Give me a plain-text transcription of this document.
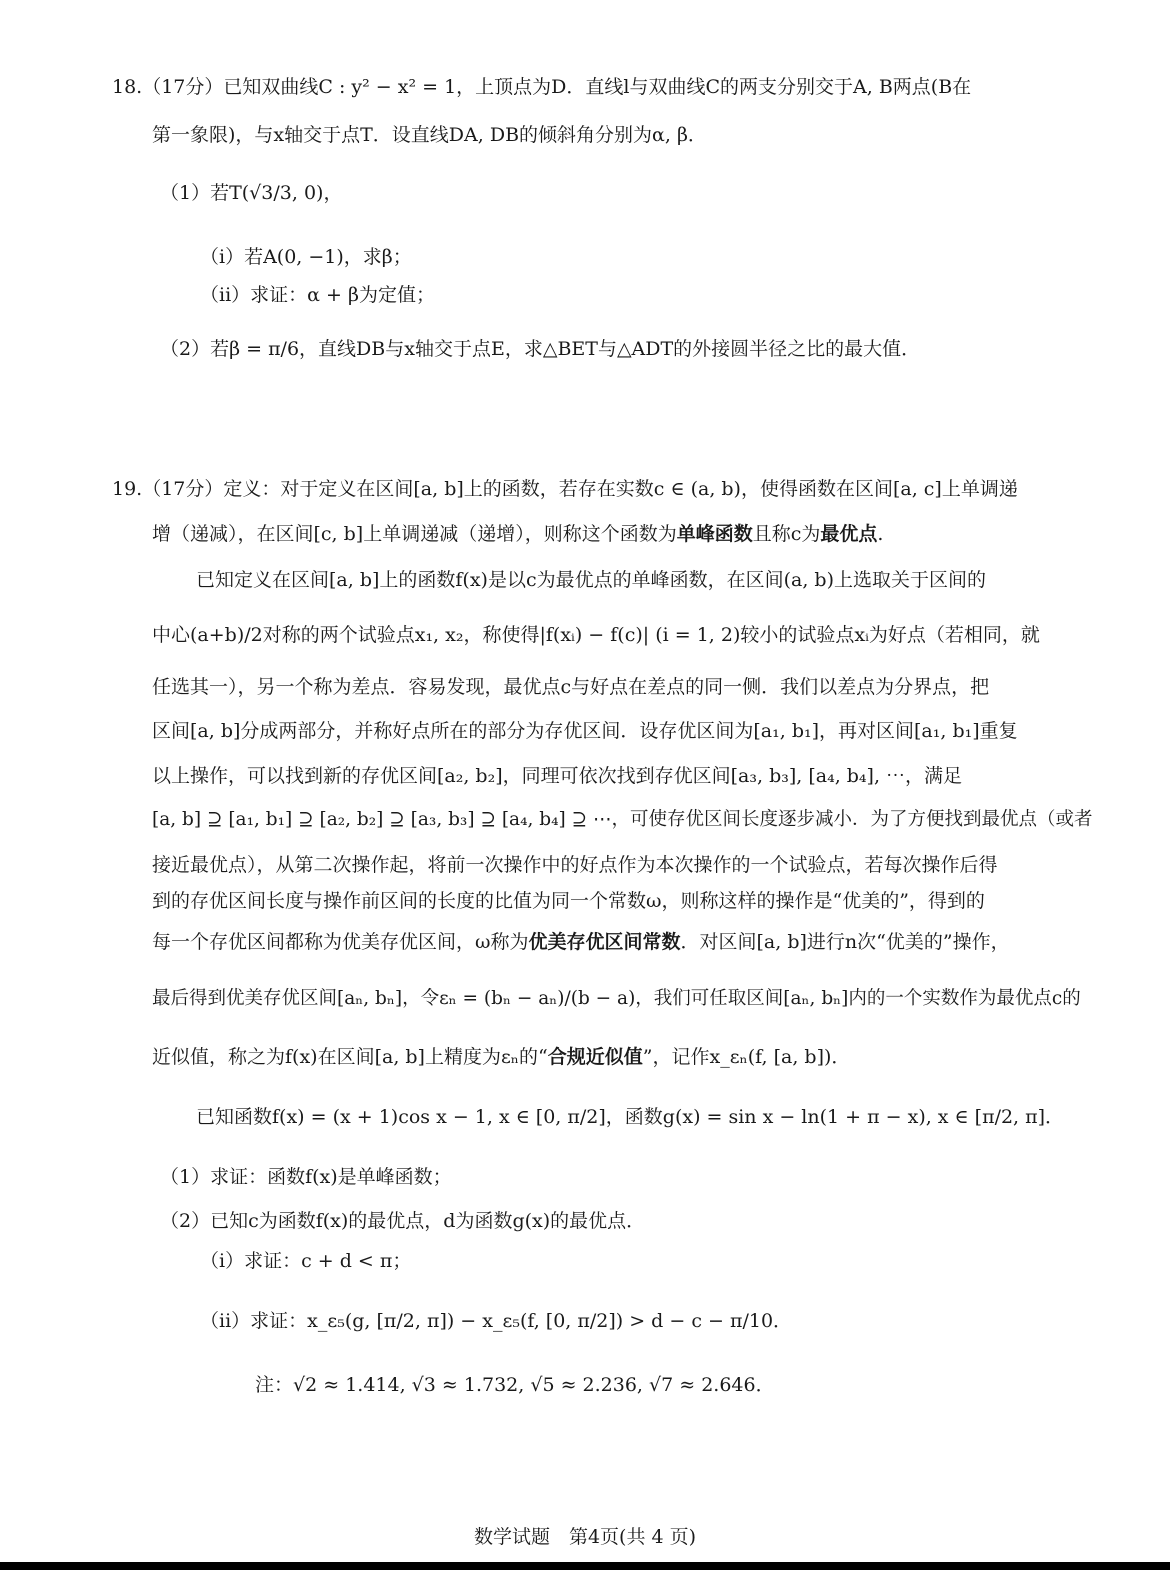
18.（17分）已知双曲线C : y² − x² = 1，上顶点为D．直线l与双曲线C的两支分别交于A, B两点(B在
第一象限)，与x轴交于点T．设直线DA, DB的倾斜角分别为α, β．
（1）若T(√3/3, 0)，
（i）若A(0, −1)，求β；
（ii）求证：α + β为定值；
（2）若β = π/6，直线DB与x轴交于点E，求△BET与△ADT的外接圆半径之比的最大值．
19.（17分）定义：对于定义在区间[a, b]上的函数，若存在实数c ∈ (a, b)，使得函数在区间[a, c]上单调递
增（递减），在区间[c, b]上单调递减（递增），则称这个函数为单峰函数且称c为最优点.
已知定义在区间[a, b]上的函数f(x)是以c为最优点的单峰函数，在区间(a, b)上选取关于区间的
中心(a+b)/2对称的两个试验点x₁, x₂，称使得|f(xᵢ) − f(c)| (i = 1, 2)较小的试验点xᵢ为好点（若相同，就
任选其一），另一个称为差点．容易发现，最优点c与好点在差点的同一侧．我们以差点为分界点，把
区间[a, b]分成两部分，并称好点所在的部分为存优区间．设存优区间为[a₁, b₁]，再对区间[a₁, b₁]重复
以上操作，可以找到新的存优区间[a₂, b₂]，同理可依次找到存优区间[a₃, b₃], [a₄, b₄], ⋯，满足
[a, b] ⊇ [a₁, b₁] ⊇ [a₂, b₂] ⊇ [a₃, b₃] ⊇ [a₄, b₄] ⊇ ⋯，可使存优区间长度逐步减小．为了方便找到最优点（或者
接近最优点），从第二次操作起，将前一次操作中的好点作为本次操作的一个试验点，若每次操作后得
到的存优区间长度与操作前区间的长度的比值为同一个常数ω，则称这样的操作是“优美的”，得到的
每一个存优区间都称为优美存优区间，ω称为优美存优区间常数．对区间[a, b]进行n次“优美的”操作，
最后得到优美存优区间[aₙ, bₙ]，令εₙ = (bₙ − aₙ)/(b − a)，我们可任取区间[aₙ, bₙ]内的一个实数作为最优点c的
近似值，称之为f(x)在区间[a, b]上精度为εₙ的“合规近似值”，记作x_εₙ(f, [a, b])．
已知函数f(x) = (x + 1)cos x − 1, x ∈ [0, π/2]，函数g(x) = sin x − ln(1 + π − x), x ∈ [π/2, π]．
（1）求证：函数f(x)是单峰函数；
（2）已知c为函数f(x)的最优点，d为函数g(x)的最优点．
（i）求证：c + d < π；
（ii）求证：x_ε₅(g, [π/2, π]) − x_ε₅(f, [0, π/2]) > d − c − π/10．
注：√2 ≈ 1.414, √3 ≈ 1.732, √5 ≈ 2.236, √7 ≈ 2.646．
数学试题　第4页(共 4 页)
